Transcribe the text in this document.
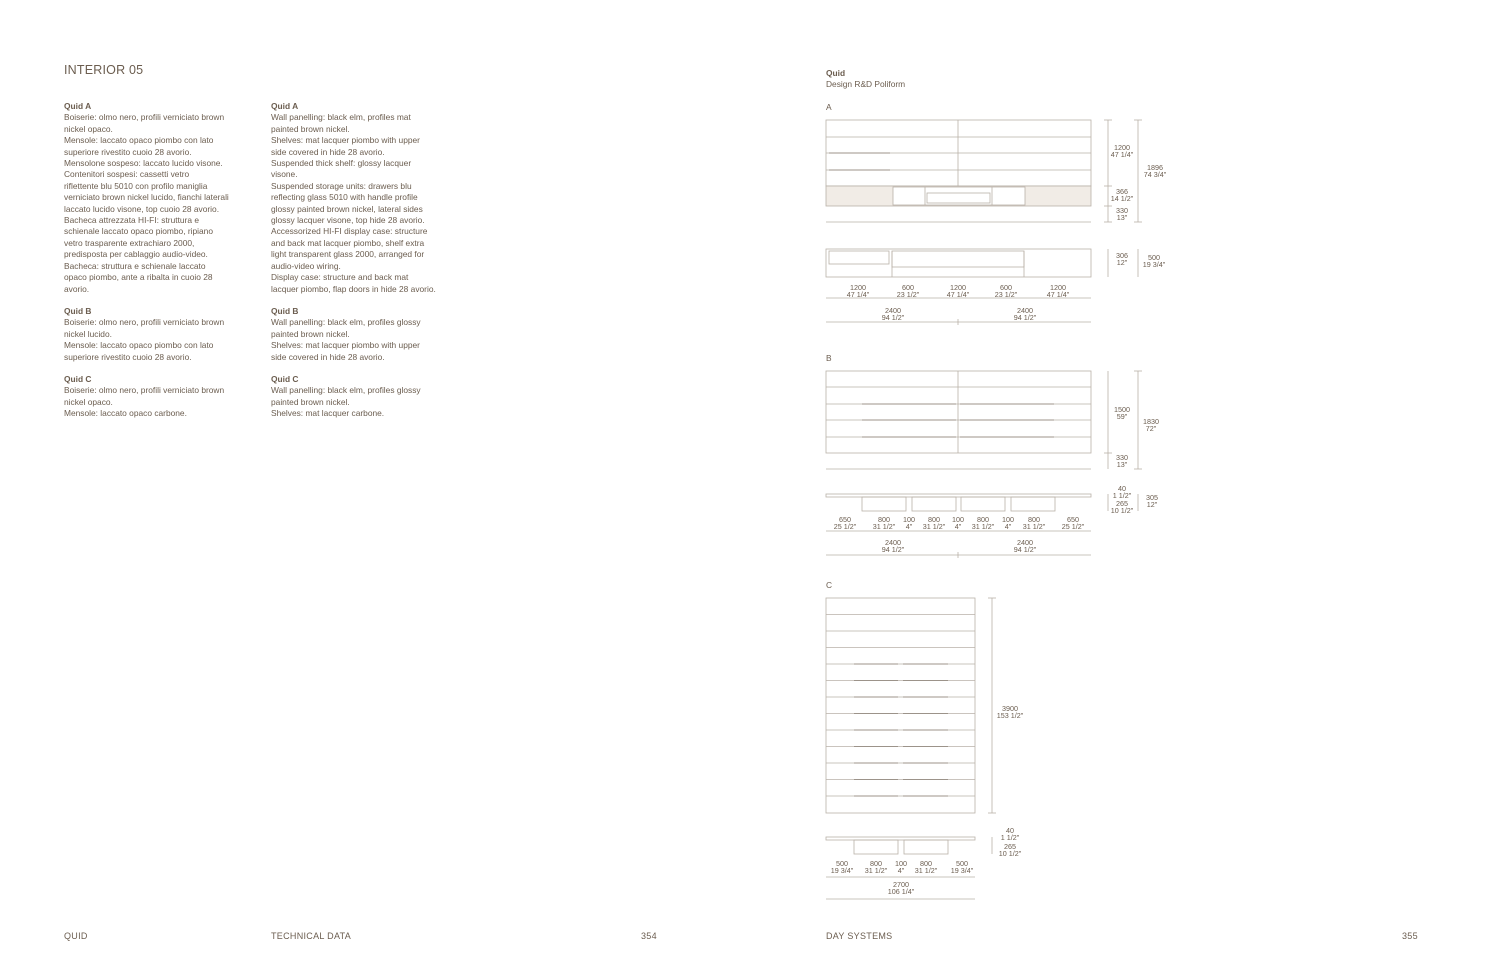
INTERIOR 05
Quid A
Boiserie: olmo nero, profili verniciato brown
nickel opaco.
Mensole: laccato opaco piombo con lato
superiore rivestito cuoio 28 avorio.
Mensolone sospeso: laccato lucido visone.
Contenitori sospesi: cassetti vetro
riflettente blu 5010 con profilo maniglia
verniciato brown nickel lucido, fianchi laterali
laccato lucido visone, top cuoio 28 avorio.
Bacheca attrezzata HI-FI: struttura e
schienale laccato opaco piombo, ripiano
vetro trasparente extrachiaro 2000,
predisposta per cablaggio audio-video.
Bacheca: struttura e schienale laccato
opaco piombo, ante a ribalta in cuoio 28
avorio.
Quid B
Boiserie: olmo nero, profili verniciato brown
nickel lucido.
Mensole: laccato opaco piombo con lato
superiore rivestito cuoio 28 avorio.
Quid C
Boiserie: olmo nero, profili verniciato brown
nickel opaco.
Mensole: laccato opaco carbone.
Quid A
Wall panelling: black elm, profiles mat
painted brown nickel.
Shelves: mat lacquer piombo with upper
side covered in hide 28 avorio.
Suspended thick shelf: glossy lacquer
visone.
Suspended storage units: drawers blu
reflecting glass 5010 with handle profile
glossy painted brown nickel, lateral sides
glossy lacquer visone, top hide 28 avorio.
Accessorized HI-FI display case: structure
and back mat lacquer piombo, shelf extra
light transparent glass 2000, arranged for
audio-video wiring.
Display case: structure and back mat
lacquer piombo, flap doors in hide 28 avorio.
Quid B
Wall panelling: black elm, profiles glossy
painted brown nickel.
Shelves: mat lacquer piombo with upper
side covered in hide 28 avorio.
Quid C
Wall panelling: black elm, profiles glossy
painted brown nickel.
Shelves: mat lacquer carbone.
QUID	TECHNICAL DATA	354
Quid
Design R&D Poliform
A
B
C
1200 47 1/4"
366 14 1/2"
330 13"
1896 74 3/4"
306 12"
500 19 3/4"
1200 47 1/4"
600 23 1/2"
1200 47 1/4"
600 23 1/2"
1200 47 1/4"
2400 94 1/2"
2400 94 1/2"
1500 59"
330 13"
1830 72"
40 1 1/2"
265 10 1/2"
305 12"
650 25 1/2"
800 31 1/2"
100 4"
800 31 1/2"
100 4"
800 31 1/2"
100 4"
800 31 1/2"
650 25 1/2"
2400 94 1/2"
2400 94 1/2"
3900 153 1/2"
40 1 1/2"
265 10 1/2"
500 19 3/4"
800 31 1/2"
100 4"
800 31 1/2"
500 19 3/4"
2700 106 1/4"
DAY SYSTEMS	355
